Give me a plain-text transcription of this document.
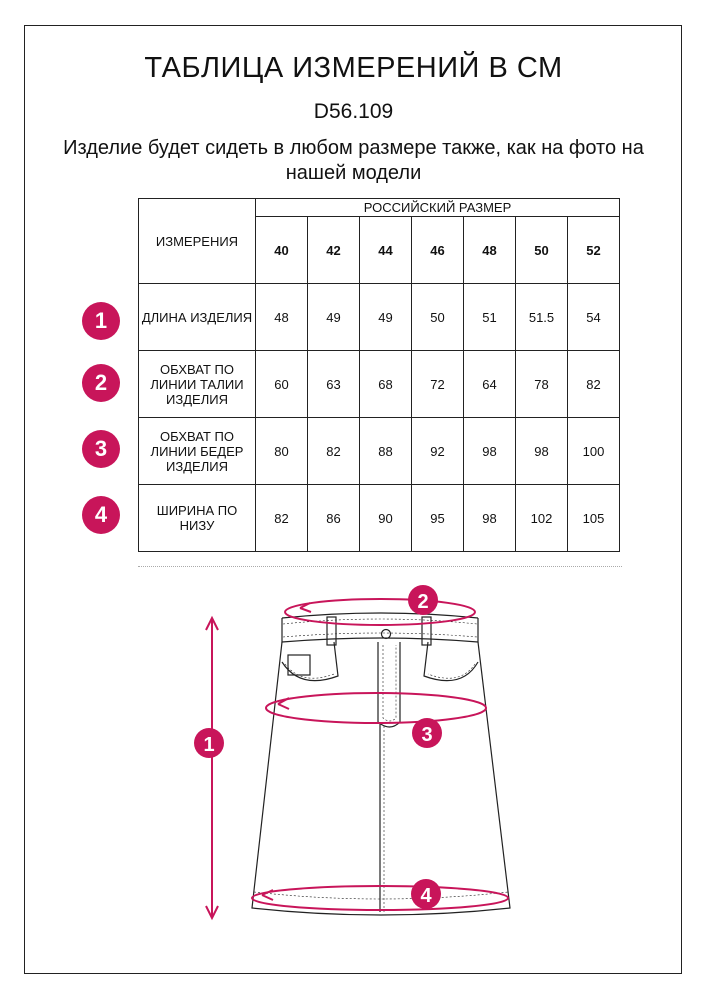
ТАБЛИЦА ИЗМЕРЕНИЙ В СМ
D56.109
Изделие будет сидеть в любом размере также, как на фото на нашей модели
ИЗМЕРЕНИЯ	РОССИЙСКИЙ РАЗМЕР						
	40	42	44	46	48	50	52
ДЛИНА ИЗДЕЛИЯ	48	49	49	50	51	51.5	54
ОБХВАТ ПО ЛИНИИ ТАЛИИ ИЗДЕЛИЯ	60	63	68	72	64	78	82
ОБХВАТ ПО ЛИНИИ БЕДЕР ИЗДЕЛИЯ	80	82	88	92	98	98	100
ШИРИНА ПО НИЗУ	82	86	90	95	98	102	105
1
2
3
4
2
3
1
4
